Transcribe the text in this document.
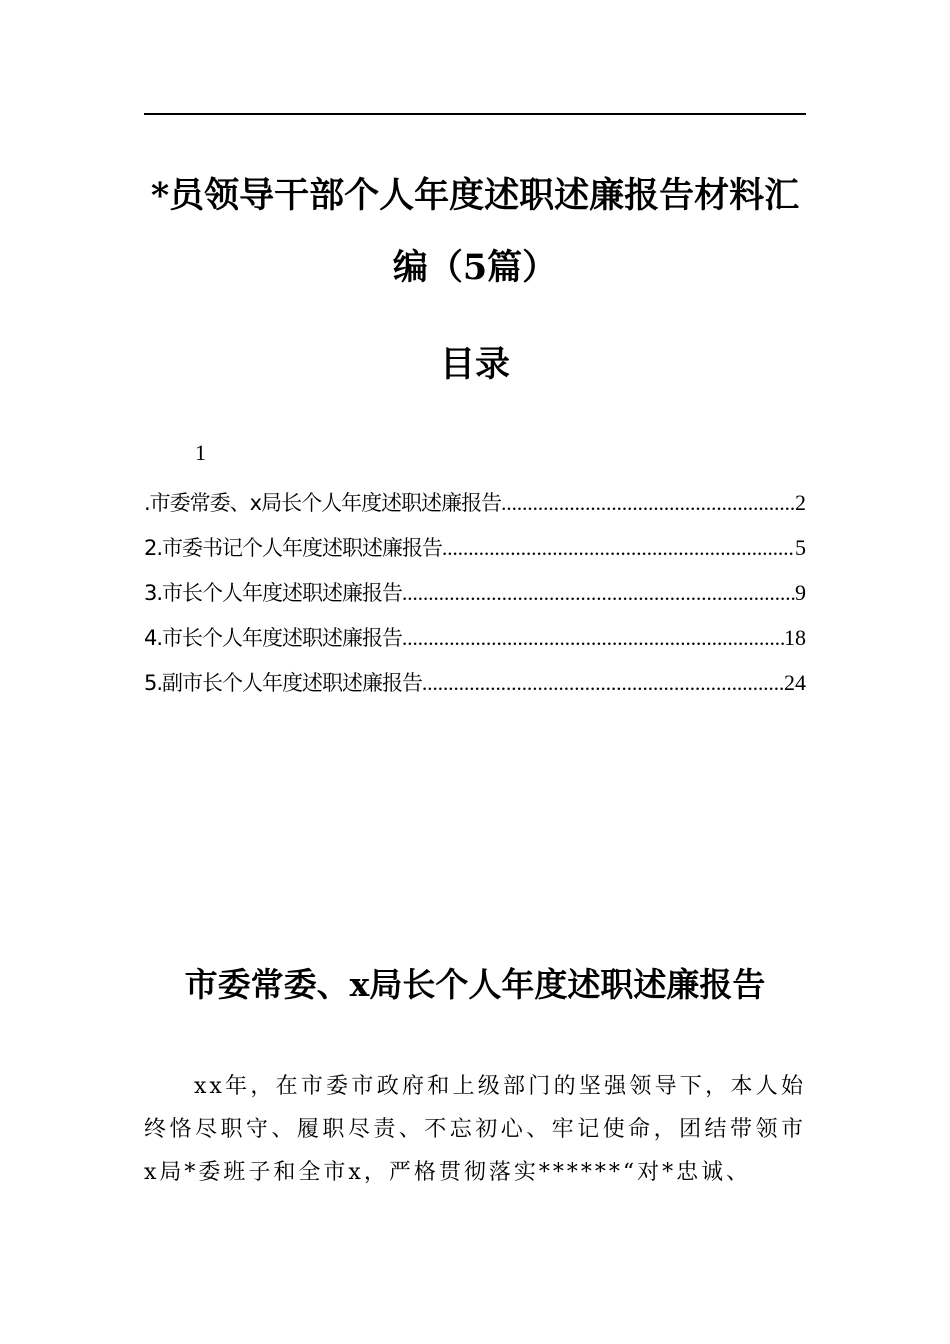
*员领导干部个人年度述职述廉报告材料汇编（5篇）
目录
1
.市委常委、x局长个人年度述职述廉报告 .....	2
2.市委书记个人年度述职述廉报告 .....	5
3.市长个人年度述职述廉报告 .....	9
4.市长个人年度述职述廉报告 .....	18
5.副市长个人年度述职述廉报告 .....	24
市委常委、x局长个人年度述职述廉报告
xx年，在市委市政府和上级部门的坚强领导下，本人始终恪尽职守、履职尽责、不忘初心、牢记使命，团结带领市x局*委班子和全市x，严格贯彻落实******“对*忠诚、
